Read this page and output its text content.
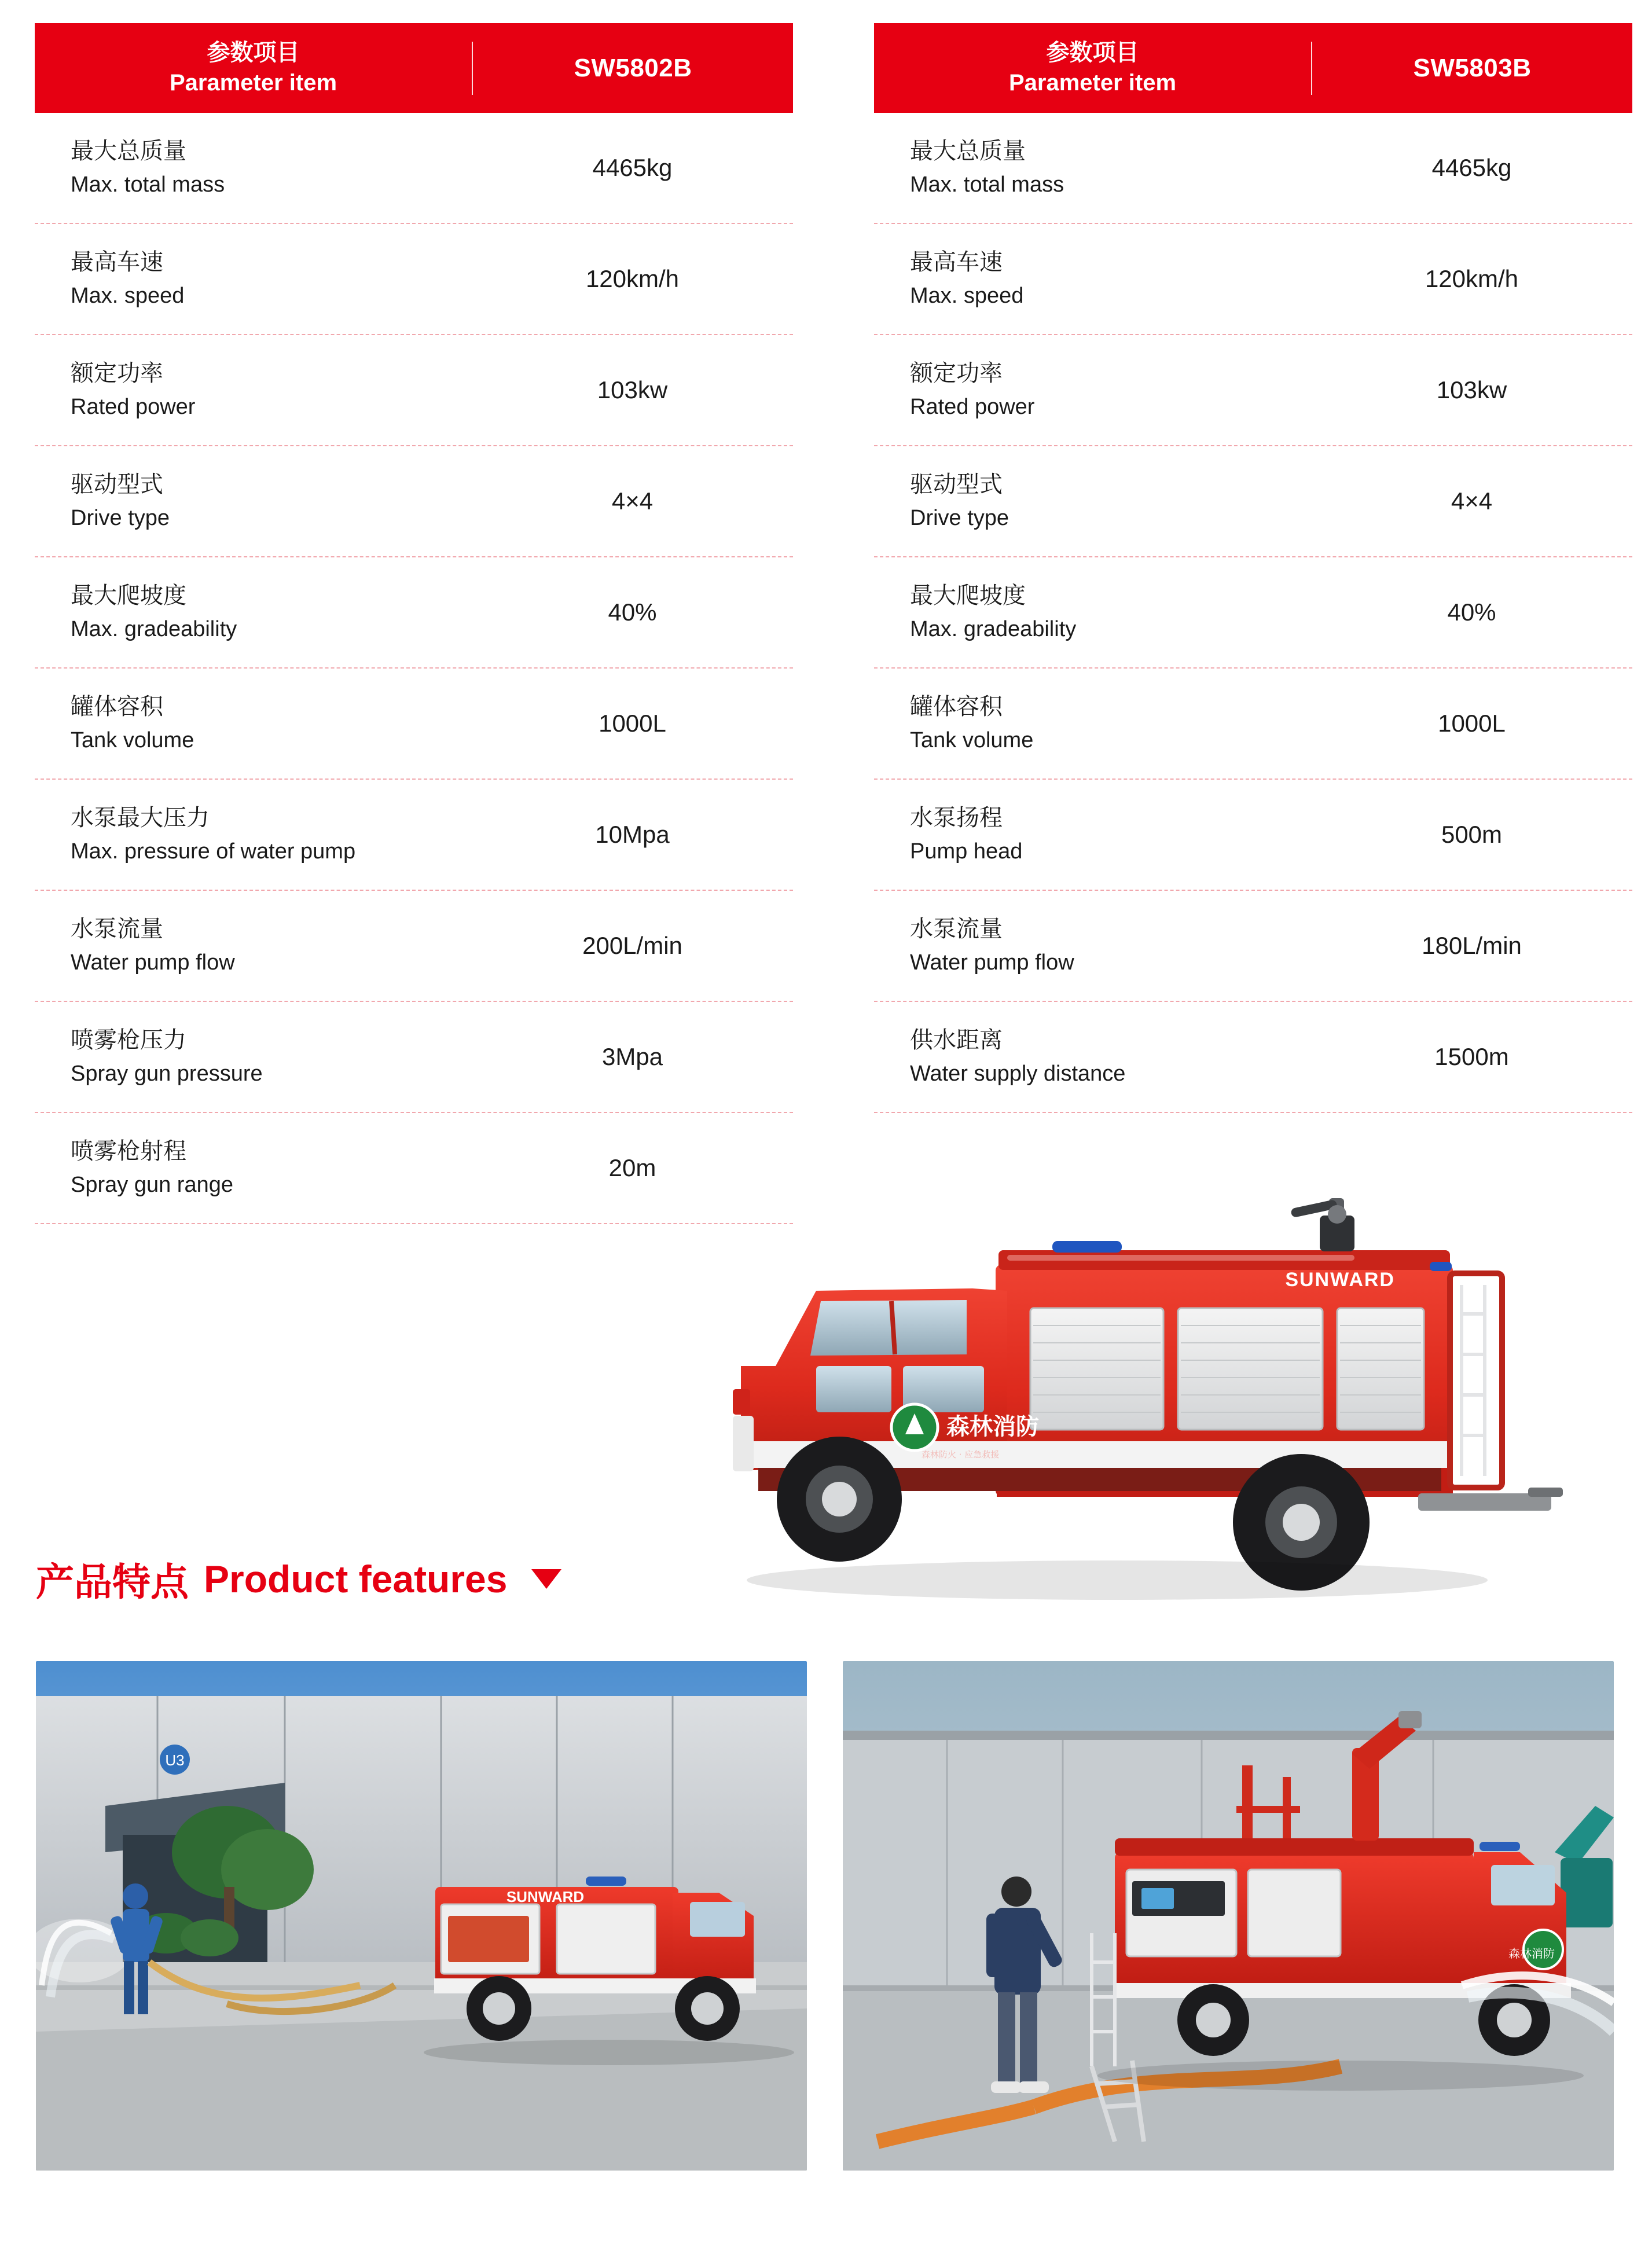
参数项目
Parameter item
SW5802B
最大总质量
Max. total mass
4465kg
最高车速
Max. speed
120km/h
额定功率
Rated power
103kw
驱动型式
Drive type
4×4
最大爬坡度
Max. gradeability
40%
罐体容积
Tank volume
1000L
水泵最大压力
Max. pressure of water pump
10Mpa
水泵流量
Water pump flow
200L/min
喷雾枪压力
Spray gun pressure
3Mpa
喷雾枪射程
Spray gun range
20m
参数项目
Parameter item
SW5803B
最大总质量
Max. total mass
4465kg
最高车速
Max. speed
120km/h
额定功率
Rated power
103kw
驱动型式
Drive type
4×4
最大爬坡度
Max. gradeability
40%
罐体容积
Tank volume
1000L
水泵扬程
Pump head
500m
水泵流量
Water pump flow
180L/min
供水距离
Water supply distance
1500m
SUNWARD
森林消防
森林防火 · 应急救援
产品特点 Product features
U3
SUNWARD
森林消防
